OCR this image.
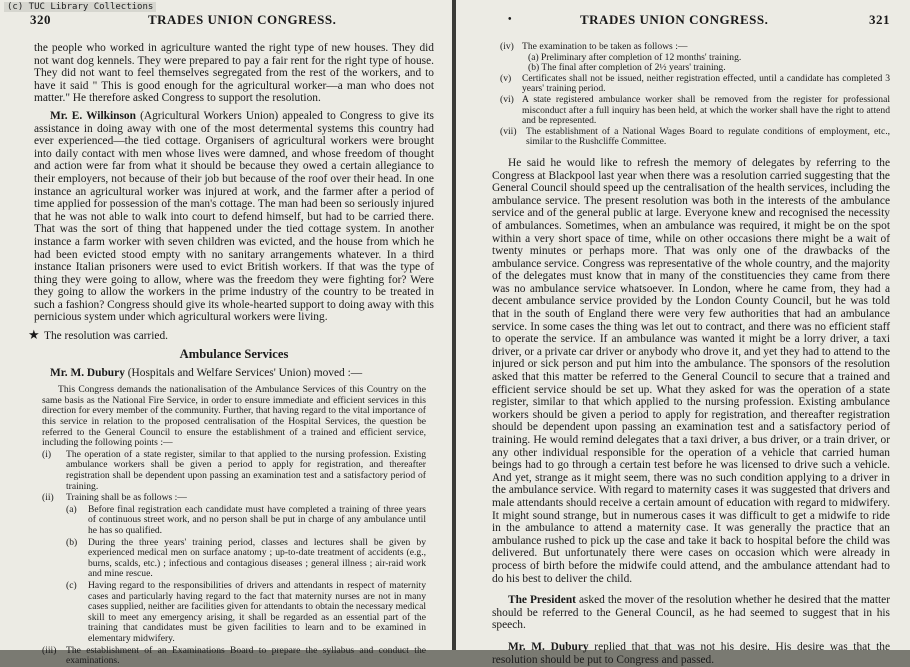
(c) TUC Library Collections
320	TRADES UNION CONGRESS.

the people who worked in agriculture wanted the right type of new houses. They did not want dog kennels. They were prepared to pay a fair rent for the right type of house. They did not want to feel themselves segregated from the rest of the workers, and to have it said " This is good enough for the agricultural worker—a man who does not matter." He therefore asked Congress to support the resolution.

Mr. E. Wilkinson (Agricultural Workers Union) appealed to Congress to give its assistance in doing away with one of the most determental systems this country had ever experienced—the tied cottage. Organisers of agricultural workers were brought into daily contact with men whose lives were damned, and whose freedom of thought and action were far from what it should be because they owed a certain allegiance to their employers, not because of their job but because of the roof over their head. In one instance an agricultural worker was injured at work, and the farmer after a period of time applied for possession of the man's cottage. The man had been so seriously injured that he was not able to walk into court to defend himself, but had to be carried there. That was the sort of thing that happened under the tied cottage system. In another instance a farm worker with seven children was evicted, and the house from which he had been evicted stood empty with no sanitary arrangements whatever. In a third instance Italian prisoners were used to evict British workers. If that was the type of thing they were going to allow, where was the freedom they were fighting for? Were they going to allow the workers in the prime industry of the country to be treated in such a fashion? Congress should give its whole-hearted support to doing away with this pernicious system under which agricultural workers were living.

★ The resolution was carried.

Ambulance Services

Mr. M. Dubury (Hospitals and Welfare Services' Union) moved :—

This Congress demands the nationalisation of the Ambulance Services of this Country on the same basis as the National Fire Service, in order to ensure immediate and efficient services in this direction for every member of the community. Further, that having regard to the vital importance of this service in relation to the proposed centralisation of the Hospital Services, the question be referred to the General Council to ensure the establishment of a trained and efficient service, including the following points :—

(i)	The operation of a state register, similar to that applied to the nursing profession. Existing ambulance workers shall be given a period to apply for registration, and thereafter registration shall be dependent upon passing an examination test and a satisfactory period of training.
(ii)	Training shall be as follows :—
(a)	Before final registration each candidate must have completed a training of three years of continuous street work, and no person shall be put in charge of any ambulance until he has so qualified.
(b)	During the three years' training period, classes and lectures shall be given by experienced medical men on surface anatomy ; up-to-date treatment of accidents (e.g., burns, scalds, etc.) ; infectious and contagious diseases ; general illness ; air-raid work and mine rescue.
(c)	Having regard to the responsibilities of drivers and attendants in respect of maternity cases and particularly having regard to the fact that maternity nurses are not in many cases supplied, neither are facilities given for attendants to obtain the necessary medical skill to meet any emergency arising, it shall be regarded as an essential part of the training that candidates must be given facilities to learn and to be examined in elementary midwifery.
(iii)	The establishment of an Examinations Board to prepare the syllabus and conduct the examinations.
•	TRADES UNION CONGRESS.	321
(iv) The examination to be taken as follows :—
(a) Preliminary after completion of 12 months' training.
(b) The final after completion of 2½ years' training.
(v)	Certificates shall not be issued, neither registration effected, until a candidate has completed 3 years' training period.
(vi) A state registered ambulance worker shall be removed from the register for professional misconduct after a full inquiry has been held, at which the worker shall have the right to attend and be represented.
(vii) The establishment of a National Wages Board to regulate conditions of employment, etc., similar to the Rushcliffe Committee.

He said he would like to refresh the memory of delegates by referring to the Congress at Blackpool last year when there was a resolution carried suggesting that the General Council should speed up the centralisation of the health services, including the ambulance service. The present resolution was both in the interests of the ambulance service and of the general public at large. Everyone knew and recognised the necessity of ambulances. Sometimes, when an ambulance was required, it might be on the spot within a very short space of time, while on other occasions there might be a wait of twenty minutes or perhaps more. That was only one of the drawbacks of the ambulance service. Congress was representative of the whole country, and the majority of the delegates must know that in many of the constituencies they came from there was no ambulance service whatsoever. In London, where he came from, they had a decent ambulance service provided by the London County Council, but he was told that in the south of England there were very few authorities that had an ambulance service. In some cases the thing was let out to contract, and there was no efficient staff to operate the service. If an ambulance was wanted it might be a lorry driver, a taxi driver, or a private car driver or anybody who drove it, and yet they had to attend to the injured or sick person and put him into the ambulance. The sponsors of the resolution asked that this matter be referred to the General Council to secure that a trained and efficient service should be set up. What they asked for was the operation of a state register, similar to that which applied to the nursing profession. Existing ambulance workers should be given a period to apply for registration, and thereafter registration should be dependent upon passing an examination test and a satisfactory period of training. He would remind delegates that a taxi driver, a bus driver, or a train driver, or any other individual responsible for the operation of a vehicle that carried human beings had to go through a certain test before he was licensed to drive such a vehicle. And yet, strange as it might seem, there was no such condition applying to a driver in the ambulance service. With regard to maternity cases it was suggested that drivers and male attendants should receive a certain amount of education with regard to midwifery. It might sound strange, but in numerous cases it was difficult to get a midwife to ride in the ambulance to attend a maternity case. It was generally the practice that an ambulance rushed to pick up the case and take it back to hospital before the child was delivered. But unfortunately there were cases on occasion which were already in process of birth before the midwife could attend, and the ambulance attendant had to do his best to deliver the child.

The President asked the mover of the resolution whether he desired that the matter should be referred to the General Council, as he had seemed to suggest that in his speech.

Mr. M. Dubury replied that that was not his desire. His desire was that the resolution should be put to Congress and passed.
